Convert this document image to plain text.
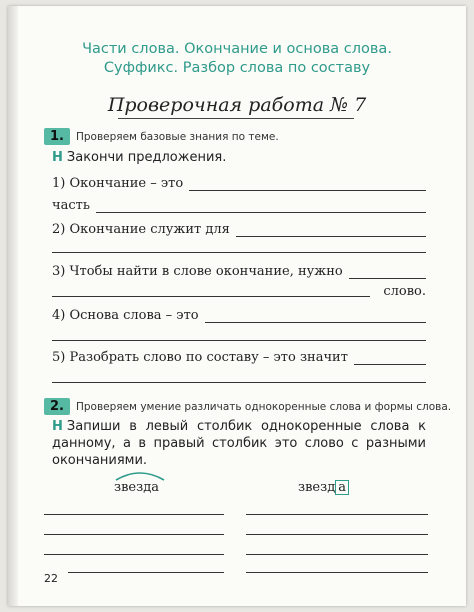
Части слова. Окончание и основа слова.
Суффикс. Разбор слова по составу
Проверочная работа № 7
1.	Проверяем базовые знания по теме.
Н Закончи предложения.
1) Окончание – это
часть
2) Окончание служит для
3) Чтобы найти в слове окончание, нужно
слово.
4) Основа слова – это
5) Разобрать слово по составу – это значит
2.	Проверяем умение различать однокоренные слова и формы слова.
Н Запиши в левый столбик однокоренные слова к данному, а в правый столбик это слово с разными окончаниями.
звезда	звезд а
22
